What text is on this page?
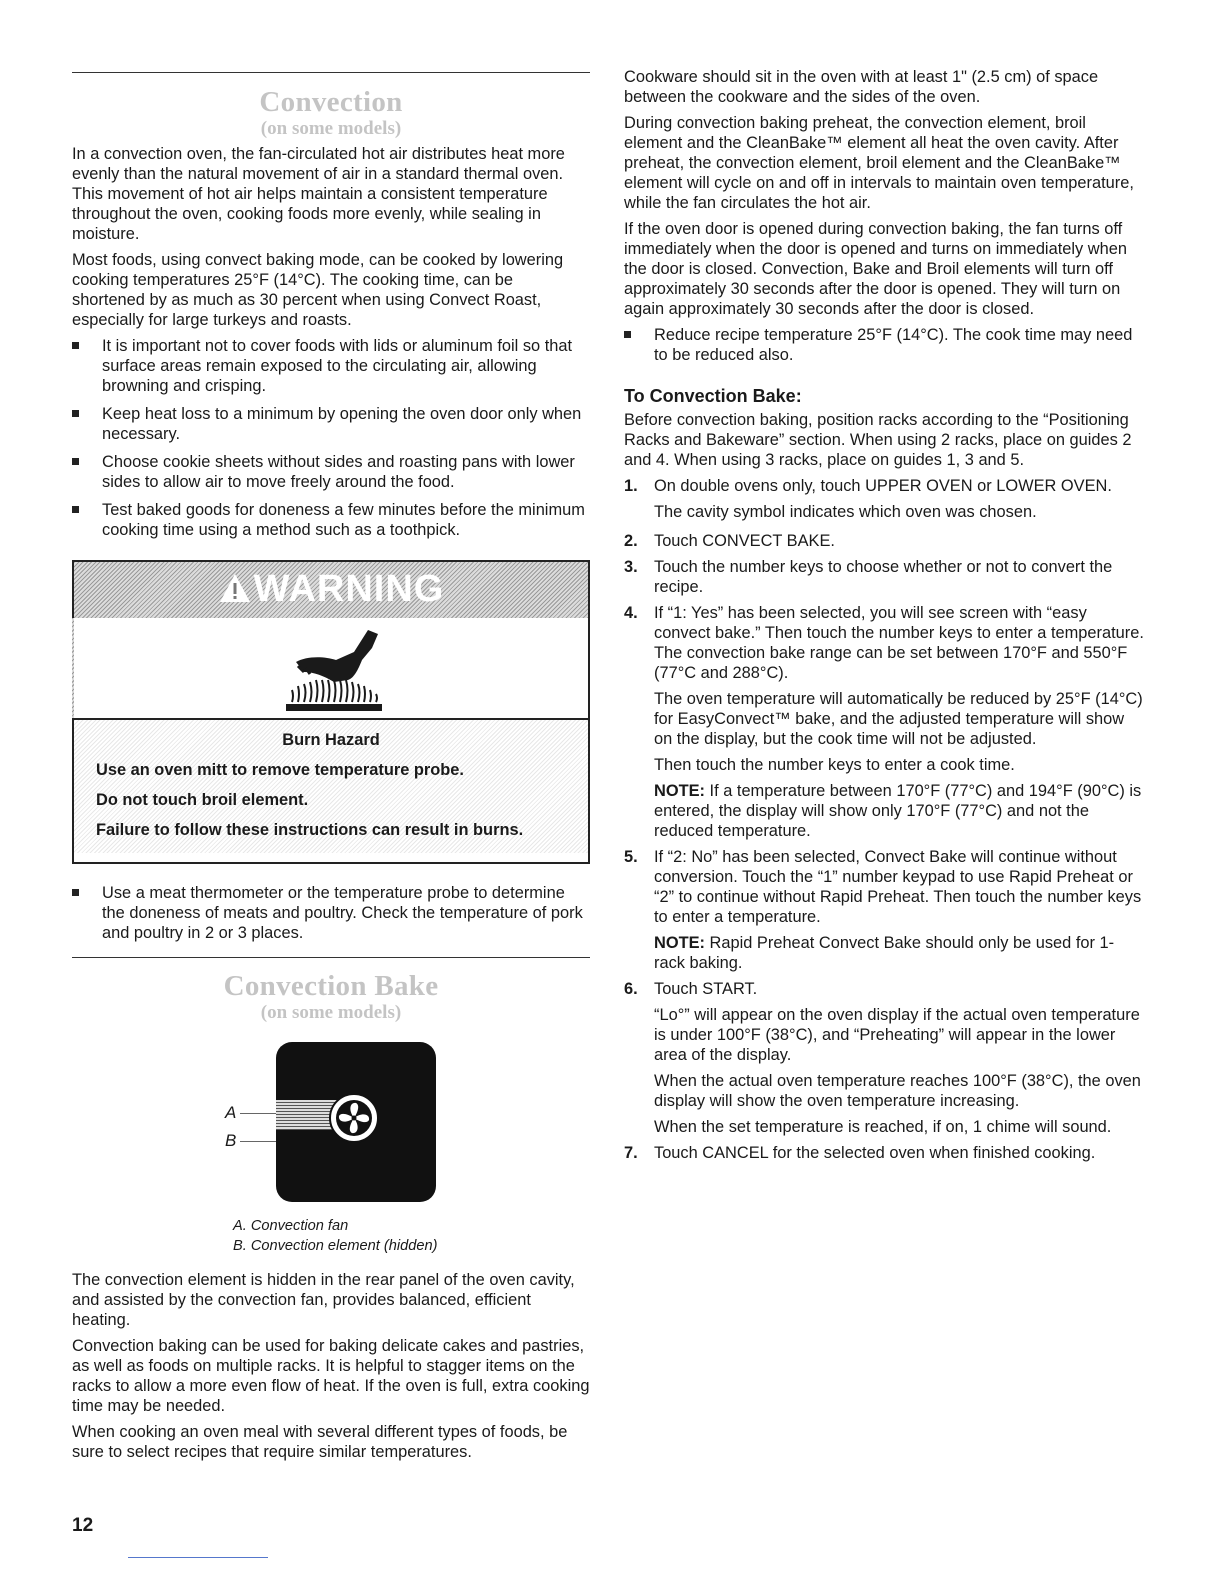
Convection
(on some models)

In a convection oven, the fan-circulated hot air distributes heat more evenly than the natural movement of air in a standard thermal oven. This movement of hot air helps maintain a consistent temperature throughout the oven, cooking foods more evenly, while sealing in moisture.

Most foods, using convect baking mode, can be cooked by lowering cooking temperatures 25°F (14°C). The cooking time, can be shortened by as much as 30 percent when using Convect Roast, especially for large turkeys and roasts.

It is important not to cover foods with lids or aluminum foil so that surface areas remain exposed to the circulating air, allowing browning and crisping.
Keep heat loss to a minimum by opening the oven door only when necessary.
Choose cookie sheets without sides and roasting pans with lower sides to allow air to move freely around the food.
Test baked goods for doneness a few minutes before the minimum cooking time using a method such as a toothpick.
WARNING
Burn Hazard
Use an oven mitt to remove temperature probe.
Do not touch broil element.
Failure to follow these instructions can result in burns.
Use a meat thermometer or the temperature probe to determine the doneness of meats and poultry. Check the temperature of pork and poultry in 2 or 3 places.
Convection Bake
(on some models)
A
B
A. Convection fan
B. Convection element (hidden)

The convection element is hidden in the rear panel of the oven cavity, and assisted by the convection fan, provides balanced, efficient heating.

Convection baking can be used for baking delicate cakes and pastries, as well as foods on multiple racks. It is helpful to stagger items on the racks to allow a more even flow of heat. If the oven is full, extra cooking time may be needed.

When cooking an oven meal with several different types of foods, be sure to select recipes that require similar temperatures.

Cookware should sit in the oven with at least 1" (2.5 cm) of space between the cookware and the sides of the oven.

During convection baking preheat, the convection element, broil element and the CleanBake™ element all heat the oven cavity. After preheat, the convection element, broil element and the CleanBake™ element will cycle on and off in intervals to maintain oven temperature, while the fan circulates the hot air.

If the oven door is opened during convection baking, the fan turns off immediately when the door is opened and turns on immediately when the door is closed. Convection, Bake and Broil elements will turn off approximately 30 seconds after the door is opened. They will turn on again approximately 30 seconds after the door is closed.

Reduce recipe temperature 25°F (14°C). The cook time may need to be reduced also.
To Convection Bake:

Before convection baking, position racks according to the “Positioning Racks and Bakeware” section. When using 2 racks, place on guides 2 and 4. When using 3 racks, place on guides 1, 3 and 5.

1. On double ovens only, touch UPPER OVEN or LOWER OVEN.

The cavity symbol indicates which oven was chosen.

2. Touch CONVECT BAKE.
3. Touch the number keys to choose whether or not to convert the recipe.
4. If “1: Yes” has been selected, you will see screen with “easy convect bake.” Then touch the number keys to enter a temperature. The convection bake range can be set between 170°F and 550°F (77°C and 288°C).

The oven temperature will automatically be reduced by 25°F (14°C) for EasyConvect™ bake, and the adjusted temperature will show on the display, but the cook time will not be adjusted.

Then touch the number keys to enter a cook time.

NOTE: If a temperature between 170°F (77°C) and 194°F (90°C) is entered, the display will show only 170°F (77°C) and not the reduced temperature.

5. If “2: No” has been selected, Convect Bake will continue without conversion. Touch the “1” number keypad to use Rapid Preheat or “2” to continue without Rapid Preheat. Then touch the number keys to enter a temperature.

NOTE: Rapid Preheat Convect Bake should only be used for 1-rack baking.

6. Touch START.

“Lo°” will appear on the oven display if the actual oven temperature is under 100°F (38°C), and “Preheating” will appear in the lower area of the display.

When the actual oven temperature reaches 100°F (38°C), the oven display will show the oven temperature increasing.

When the set temperature is reached, if on, 1 chime will sound.

7. Touch CANCEL for the selected oven when finished cooking.
12
